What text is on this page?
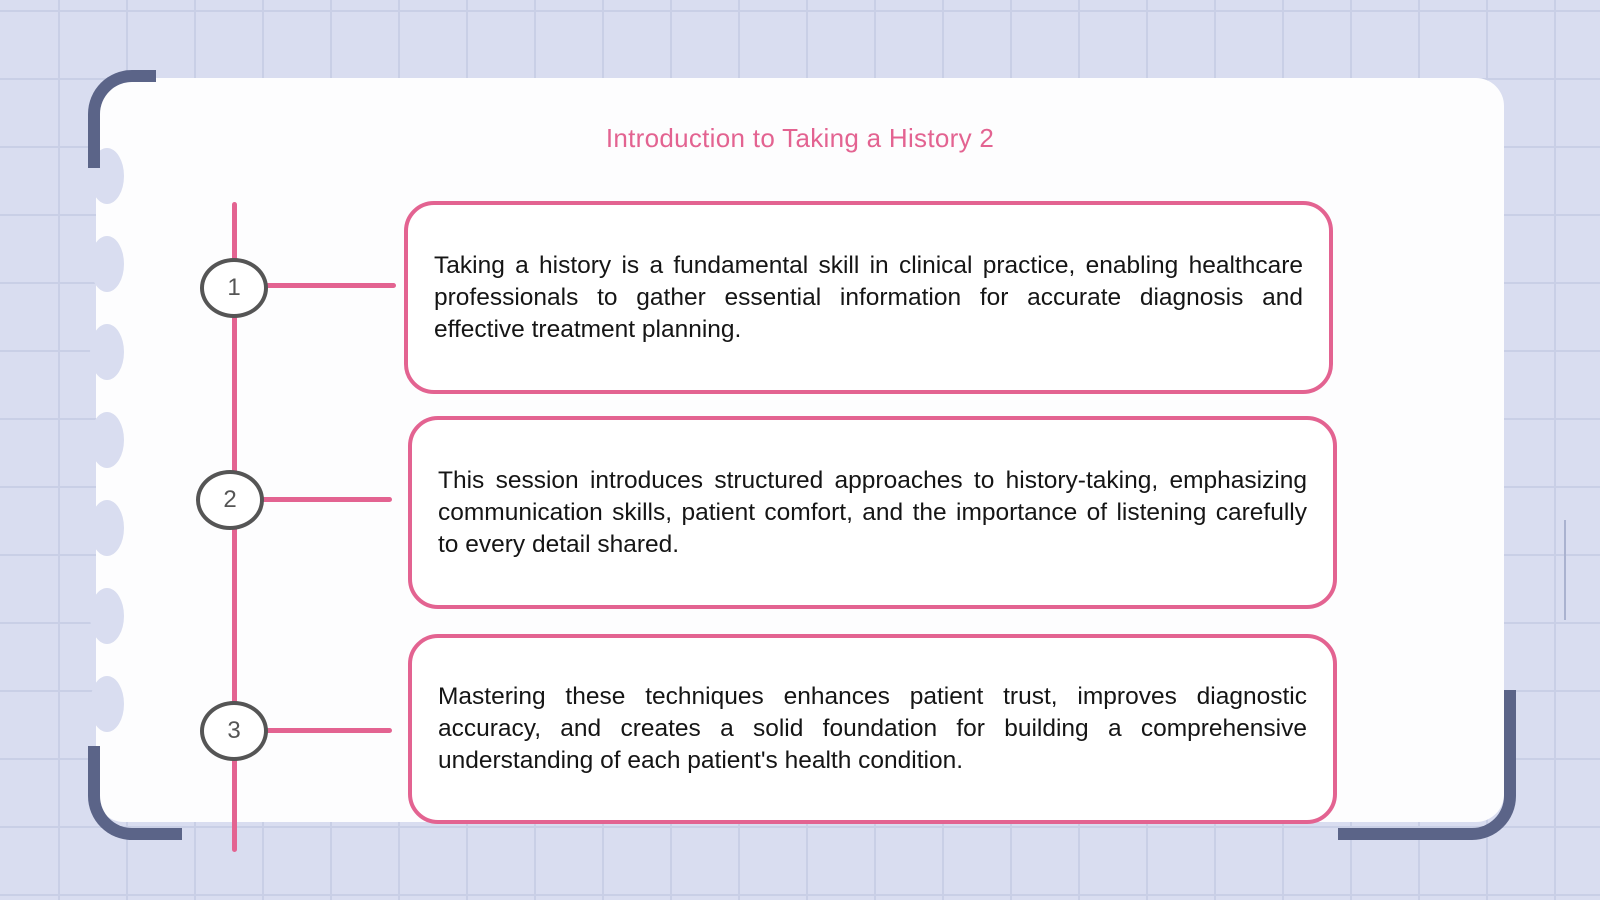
Introduction to Taking a History 2
1

Taking a history is a fundamental skill in clinical practice, enabling healthcare professionals to gather essential information for accurate diagnosis and effective treatment planning.

2

This session introduces structured approaches to history-taking, emphasizing communication skills, patient comfort, and the importance of listening carefully to every detail shared.

3

Mastering these techniques enhances patient trust, improves diagnostic accuracy, and creates a solid foundation for building a comprehensive understanding of each patient's health condition.
